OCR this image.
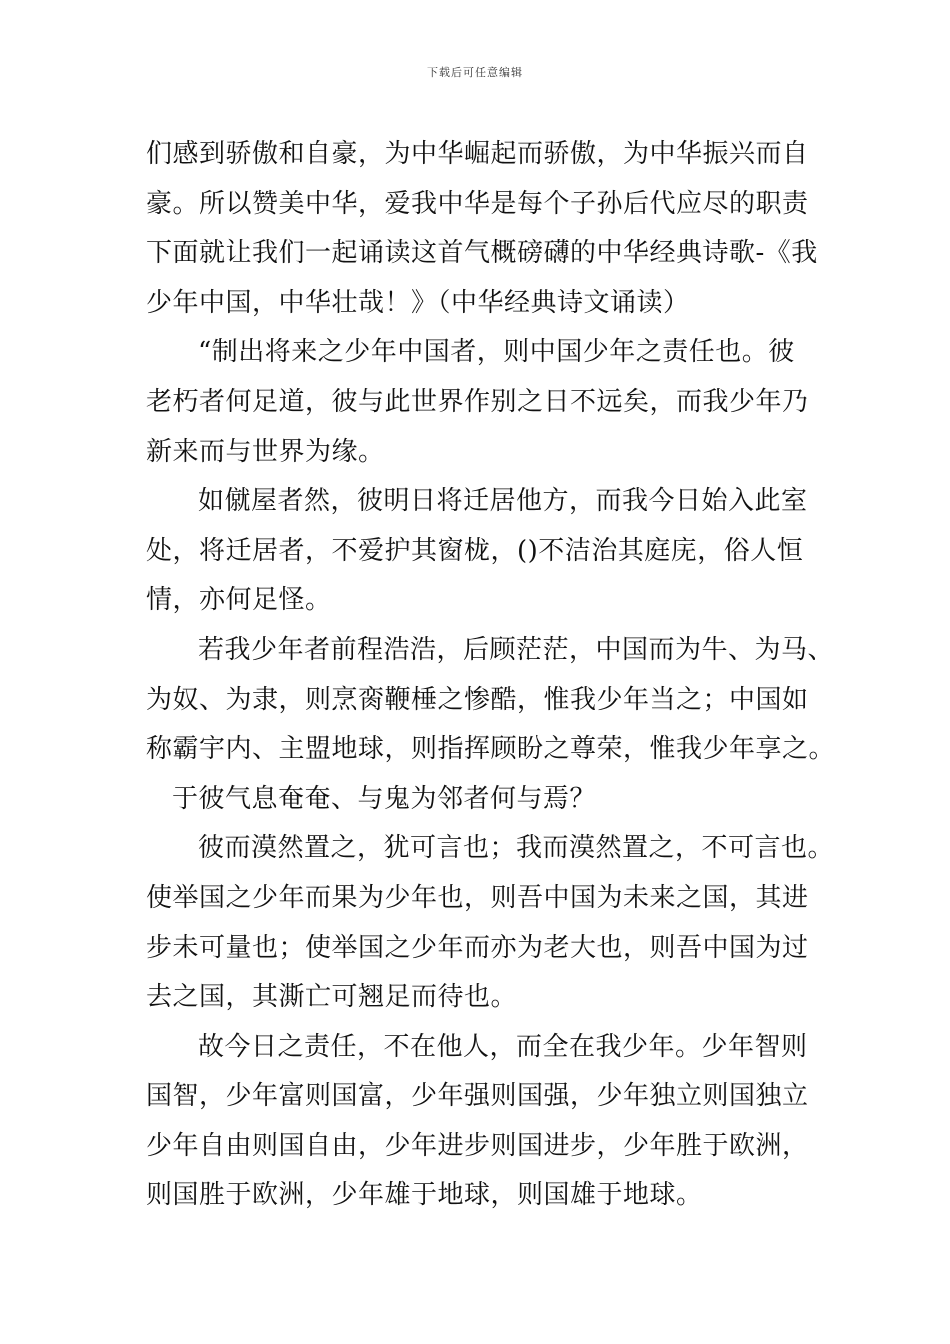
下载后可任意编辑
们感到骄傲和自豪，为中华崛起而骄傲，为中华振兴而自
豪。所以赞美中华，爱我中华是每个子孙后代应尽的职责
下面就让我们一起诵读这首气概磅礴的中华经典诗歌-《我
少年中国，中华壮哉！》（中华经典诗文诵读）
“制出将来之少年中国者，则中国少年之责任也。彼
老朽者何足道，彼与此世界作别之日不远矣，而我少年乃
新来而与世界为缘。
如僦屋者然，彼明日将迁居他方，而我今日始入此室
处，将迁居者，不爱护其窗栊，()不洁治其庭庑，俗人恒
情，亦何足怪。
若我少年者前程浩浩，后顾茫茫，中国而为牛、为马、
为奴、为隶，则烹脔鞭棰之惨酷，惟我少年当之；中国如
称霸宇内、主盟地球，则指挥顾盼之尊荣，惟我少年享之。
于彼气息奄奄、与鬼为邻者何与焉？
彼而漠然置之，犹可言也；我而漠然置之，不可言也。
使举国之少年而果为少年也，则吾中国为未来之国，其进
步未可量也；使举国之少年而亦为老大也，则吾中国为过
去之国，其澌亡可翘足而待也。
故今日之责任，不在他人，而全在我少年。少年智则
国智，少年富则国富，少年强则国强，少年独立则国独立
少年自由则国自由，少年进步则国进步，少年胜于欧洲，
则国胜于欧洲，少年雄于地球，则国雄于地球。
